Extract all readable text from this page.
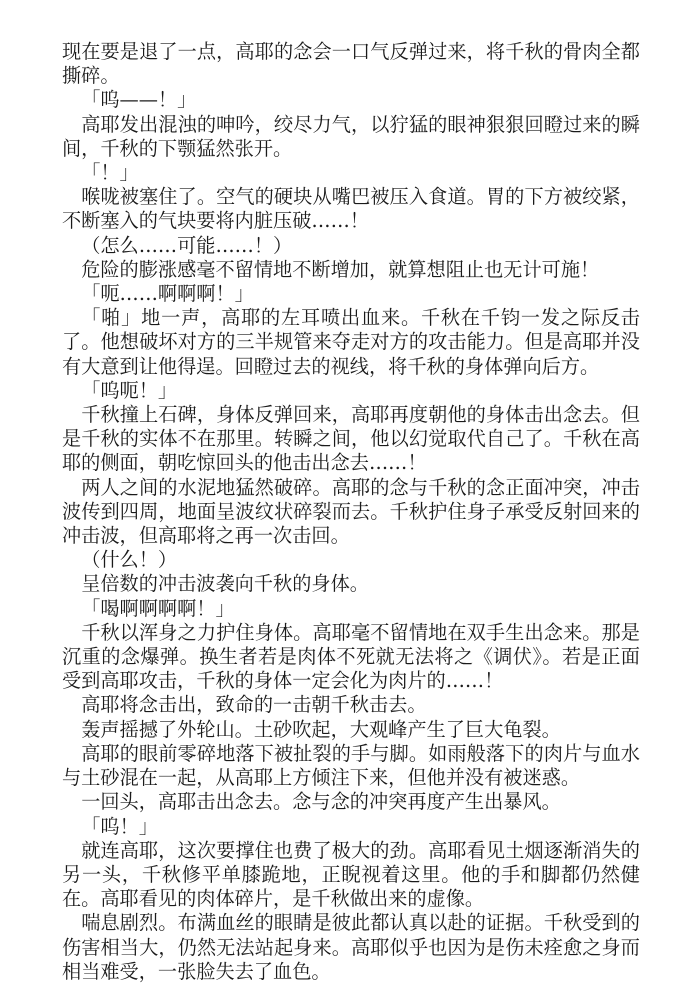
现在要是退了一点，高耶的念会一口气反弹过来，将千秋的骨肉全都撕碎。

「呜——！」

高耶发出混浊的呻吟，绞尽力气，以狞猛的眼神狠狠回瞪过来的瞬间，千秋的下颚猛然张开。

「！」

喉咙被塞住了。空气的硬块从嘴巴被压入食道。胃的下方被绞紧，不断塞入的气块要将内脏压破……！

（怎么……可能……！）

危险的膨涨感毫不留情地不断增加，就算想阻止也无计可施！

「呃……啊啊啊！」

「啪」地一声，高耶的左耳喷出血来。千秋在千钧一发之际反击了。他想破坏对方的三半规管来夺走对方的攻击能力。但是高耶并没有大意到让他得逞。回瞪过去的视线，将千秋的身体弹向后方。

「呜呃！」

千秋撞上石碑，身体反弹回来，高耶再度朝他的身体击出念去。但是千秋的实体不在那里。转瞬之间，他以幻觉取代自己了。千秋在高耶的侧面，朝吃惊回头的他击出念去……！

两人之间的水泥地猛然破碎。高耶的念与千秋的念正面冲突，冲击波传到四周，地面呈波纹状碎裂而去。千秋护住身子承受反射回来的冲击波，但高耶将之再一次击回。

（什么！）

呈倍数的冲击波袭向千秋的身体。

「喝啊啊啊啊！」

千秋以浑身之力护住身体。高耶毫不留情地在双手生出念来。那是沉重的念爆弹。换生者若是肉体不死就无法将之《调伏》。若是正面受到高耶攻击，千秋的身体一定会化为肉片的……！

高耶将念击出，致命的一击朝千秋击去。

轰声摇撼了外轮山。土砂吹起，大观峰产生了巨大龟裂。

高耶的眼前零碎地落下被扯裂的手与脚。如雨般落下的肉片与血水与土砂混在一起，从高耶上方倾注下来，但他并没有被迷惑。

一回头，高耶击出念去。念与念的冲突再度产生出暴风。

「呜！」

就连高耶，这次要撑住也费了极大的劲。高耶看见土烟逐渐消失的另一头，千秋修平单膝跪地，正睨视着这里。他的手和脚都仍然健在。高耶看见的肉体碎片，是千秋做出来的虚像。

喘息剧烈。布满血丝的眼睛是彼此都认真以赴的证据。千秋受到的伤害相当大，仍然无法站起身来。高耶似乎也因为是伤未痊愈之身而相当难受，一张脸失去了血色。
